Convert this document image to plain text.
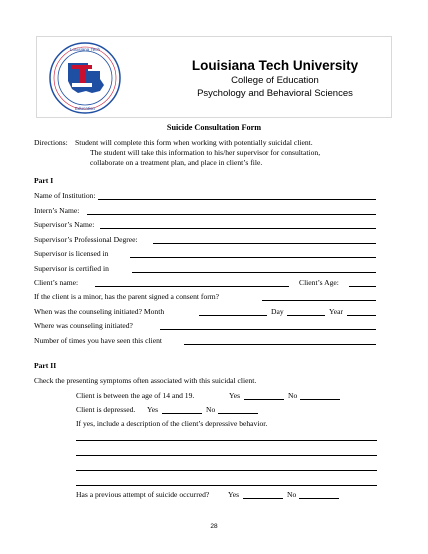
Louisiana Tech
Education
Louisiana Tech University
College of Education
Psychology and Behavioral Sciences
Suicide Consultation Form
Directions: Student will complete this form when working with potentially suicidal client.
The student will take this information to his/her supervisor for consultation,
collaborate on a treatment plan, and place in client’s file.
Part I
Name of Institution:
Intern’s Name:
Supervisor’s Name:
Supervisor’s Professional Degree:
Supervisor is licensed in
Supervisor is certified in
Client’s name:	Client’s Age:
If the client is a minor, has the parent signed a consent form?
When was the counseling initiated? Month	Day	Year
Where was counseling initiated?
Number of times you have seen this client
Part II
Check the presenting symptoms often associated with this suicidal client.
Client is between the age of 14 and 19.	Yes	No
Client is depressed. Yes	No
If yes, include a description of the client’s depressive behavior.
Has a previous attempt of suicide occurred? Yes	No
28
